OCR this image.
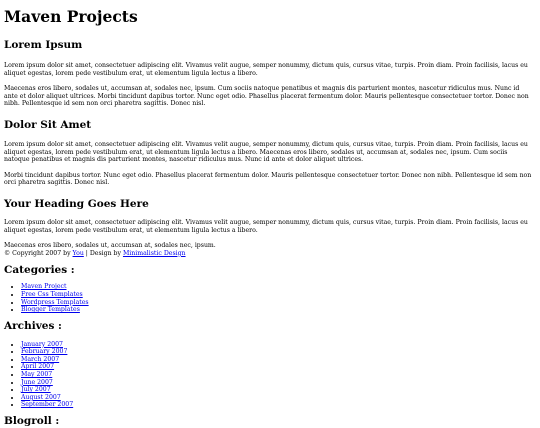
Maven Projects
Lorem Ipsum

Lorem ipsum dolor sit amet, consectetuer adipiscing elit. Vivamus velit augue, semper nonummy, dictum quis, cursus vitae, turpis. Proin diam. Proin facilisis, lacus eu aliquet egestas, lorem pede vestibulum erat, ut elementum ligula lectus a libero.

Maecenas eros libero, sodales ut, accumsan at, sodales nec, ipsum. Cum sociis natoque penatibus et magnis dis parturient montes, nascetur ridiculus mus. Nunc id ante et dolor aliquet ultrices. Morbi tincidunt dapibus tortor. Nunc eget odio. Phasellus placerat fermentum dolor. Mauris pellentesque consectetuer tortor. Donec non nibh. Pellentesque id sem non orci pharetra sagittis. Donec nisl.

Dolor Sit Amet

Lorem ipsum dolor sit amet, consectetuer adipiscing elit. Vivamus velit augue, semper nonummy, dictum quis, cursus vitae, turpis. Proin diam. Proin facilisis, lacus eu aliquet egestas, lorem pede vestibulum erat, ut elementum ligula lectus a libero. Maecenas eros libero, sodales ut, accumsan at, sodales nec, ipsum. Cum sociis natoque penatibus et magnis dis parturient montes, nascetur ridiculus mus. Nunc id ante et dolor aliquet ultrices.

Morbi tincidunt dapibus tortor. Nunc eget odio. Phasellus placerat fermentum dolor. Mauris pellentesque consectetuer tortor. Donec non nibh. Pellentesque id sem non orci pharetra sagittis. Donec nisl.

Your Heading Goes Here

Lorem ipsum dolor sit amet, consectetuer adipiscing elit. Vivamus velit augue, semper nonummy, dictum quis, cursus vitae, turpis. Proin diam. Proin facilisis, lacus eu aliquet egestas, lorem pede vestibulum erat, ut elementum ligula lectus a libero.

Maecenas eros libero, sodales ut, accumsan at, sodales nec, ipsum.

© Copyright 2007 by You | Design by Minimalistic Design

Categories :
• Maven Project
• Free Css Templates
• Wordpress Templates
• Blogger Templates
Archives :
• January 2007
• February 2007
• March 2007
• April 2007
• May 2007
• June 2007
• July 2007
• August 2007
• September 2007
Blogroll :
